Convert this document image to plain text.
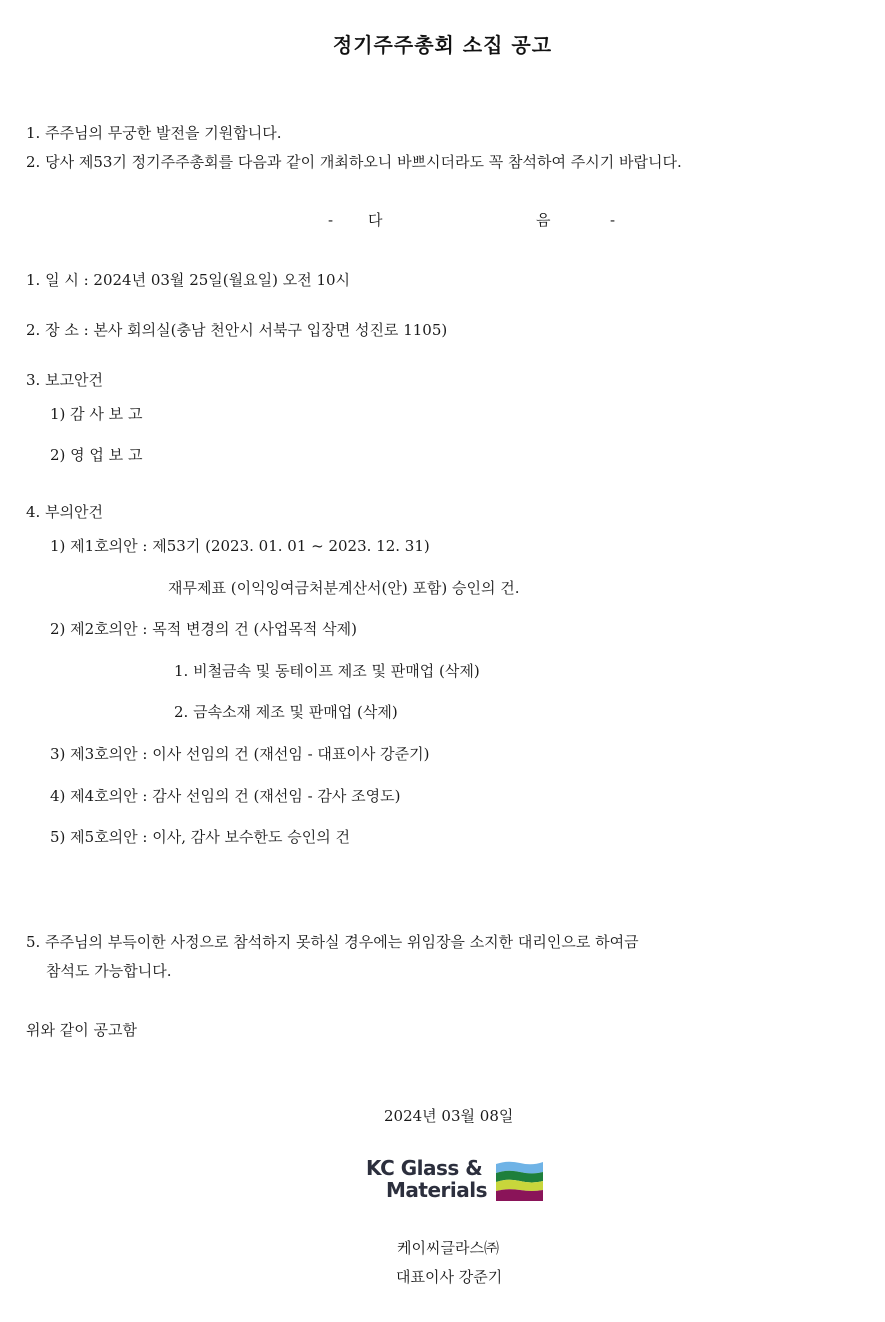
정기주주총회 소집 공고
1. 주주님의 무궁한 발전을 기원합니다.
2. 당사 제53기 정기주주총회를 다음과 같이 개최하오니 바쁘시더라도 꼭 참석하여 주시기 바랍니다.
- 다	음	-
1. 일 시 : 2024년 03월 25일(월요일) 오전 10시
2. 장 소 : 본사 회의실(충남 천안시 서북구 입장면 성진로 1105)
3. 보고안건
1) 감 사 보 고
2) 영 업 보 고
4. 부의안건
1) 제1호의안 : 제53기 (2023. 01. 01 ~ 2023. 12. 31)
재무제표 (이익잉여금처분계산서(안) 포함) 승인의 건.
2) 제2호의안 : 목적 변경의 건 (사업목적 삭제)
1. 비철금속 및 동테이프 제조 및 판매업 (삭제)
2. 금속소재 제조 및 판매업 (삭제)
3) 제3호의안 : 이사 선임의 건 (재선임 - 대표이사 강준기)
4) 제4호의안 : 감사 선임의 건 (재선임 - 감사 조영도)
5) 제5호의안 : 이사, 감사 보수한도 승인의 건
5. 주주님의 부득이한 사정으로 참석하지 못하실 경우에는 위임장을 소지한 대리인으로 하여금
참석도 가능합니다.
위와 같이 공고함
2024년 03월 08일
KC Glass &
Materials
케이씨글라스㈜
대표이사 강준기
